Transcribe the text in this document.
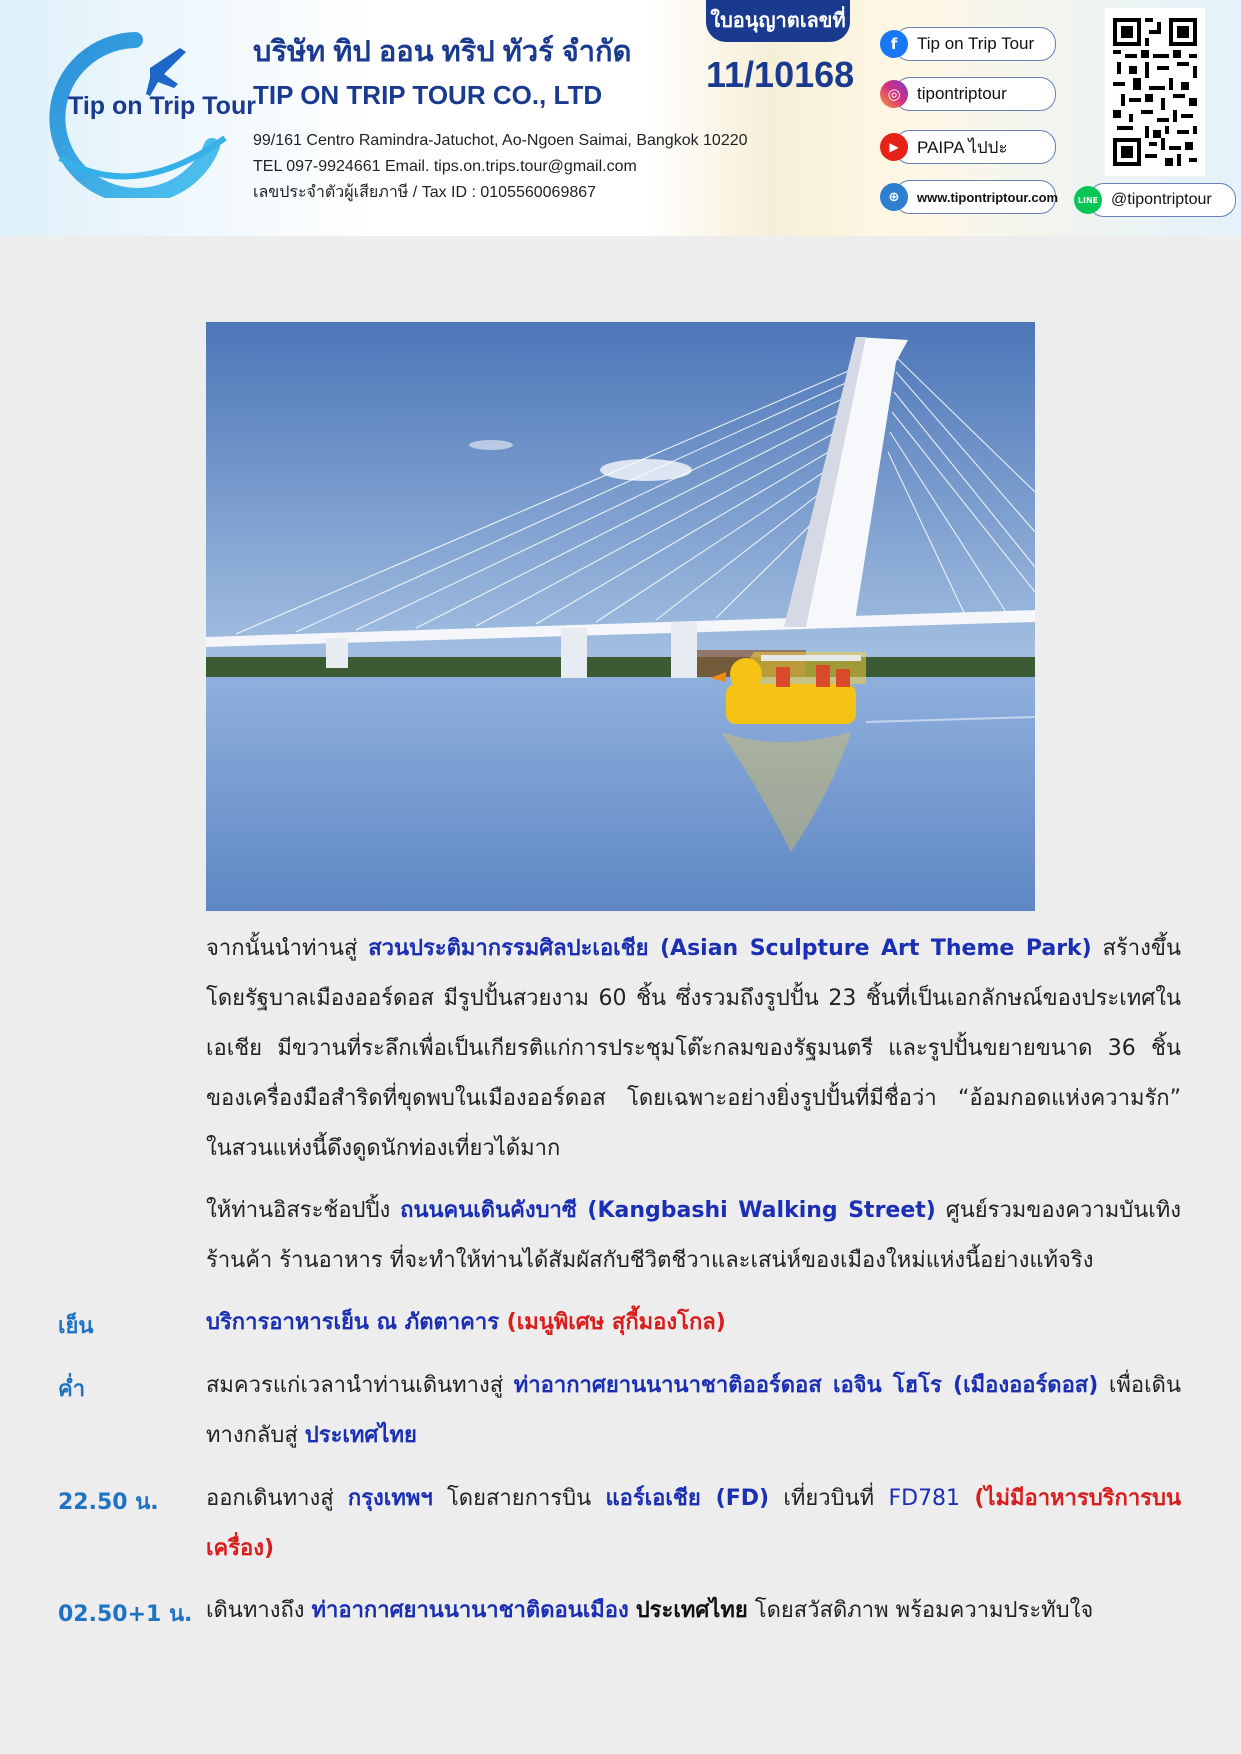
Tip on Trip Tour
บริษัท ทิป ออน ทริป ทัวร์ จำกัด
TIP ON TRIP TOUR CO., LTD
99/161 Centro Ramindra-Jatuchot, Ao-Ngoen Saimai, Bangkok 10220
TEL 097-9924661 Email. tips.on.trips.tour@gmail.com
เลขประจำตัวผู้เสียภาษี / Tax ID : 0105560069867
ใบอนุญาตเลขที่
11/10168
f	Tip on Trip Tour
◎ tipontriptour
▶	PAIPA ไปปะ
⊕	www.tipontriptour.com	LINE @tipontriptour
จากนั้นนำท่านสู่ สวนประติมากรรมศิลปะเอเชีย (Asian Sculpture Art Theme Park) สร้างขึ้นโดยรัฐบาลเมืองออร์ดอส มีรูปปั้นสวยงาม 60 ชิ้น ซึ่งรวมถึงรูปปั้น 23 ชิ้นที่เป็นเอกลักษณ์ของประเทศในเอเชีย มีขวานที่ระลึกเพื่อเป็นเกียรติแก่การประชุมโต๊ะกลมของรัฐมนตรี และรูปปั้นขยายขนาด 36 ชิ้นของเครื่องมือสำริดที่ขุดพบในเมืองออร์ดอส โดยเฉพาะอย่างยิ่งรูปปั้นที่มีชื่อว่า “อ้อมกอดแห่งความรัก” ในสวนแห่งนี้ดึงดูดนักท่องเที่ยวได้มาก
ให้ท่านอิสระช้อปปิ้ง ถนนคนเดินคังบาซี (Kangbashi Walking Street) ศูนย์รวมของความบันเทิง ร้านค้า ร้านอาหาร ที่จะทำให้ท่านได้สัมผัสกับชีวิตชีวาและเสน่ห์ของเมืองใหม่แห่งนี้อย่างแท้จริง
เย็น	บริการอาหารเย็น ณ ภัตตาคาร (เมนูพิเศษ สุกี้มองโกล)
ค่ำ	สมควรแก่เวลานำท่านเดินทางสู่ ท่าอากาศยานนานาชาติออร์ดอส เอจิน โฮโร (เมืองออร์ดอส) เพื่อเดินทางกลับสู่ ประเทศไทย
22.50 น. ออกเดินทางสู่ กรุงเทพฯ โดยสายการบิน แอร์เอเชีย (FD) เที่ยวบินที่ FD781 (ไม่มีอาหารบริการบนเครื่อง)
02.50+1 น. เดินทางถึง ท่าอากาศยานนานาชาติดอนเมือง ประเทศไทย โดยสวัสดิภาพ พร้อมความประทับใจ
